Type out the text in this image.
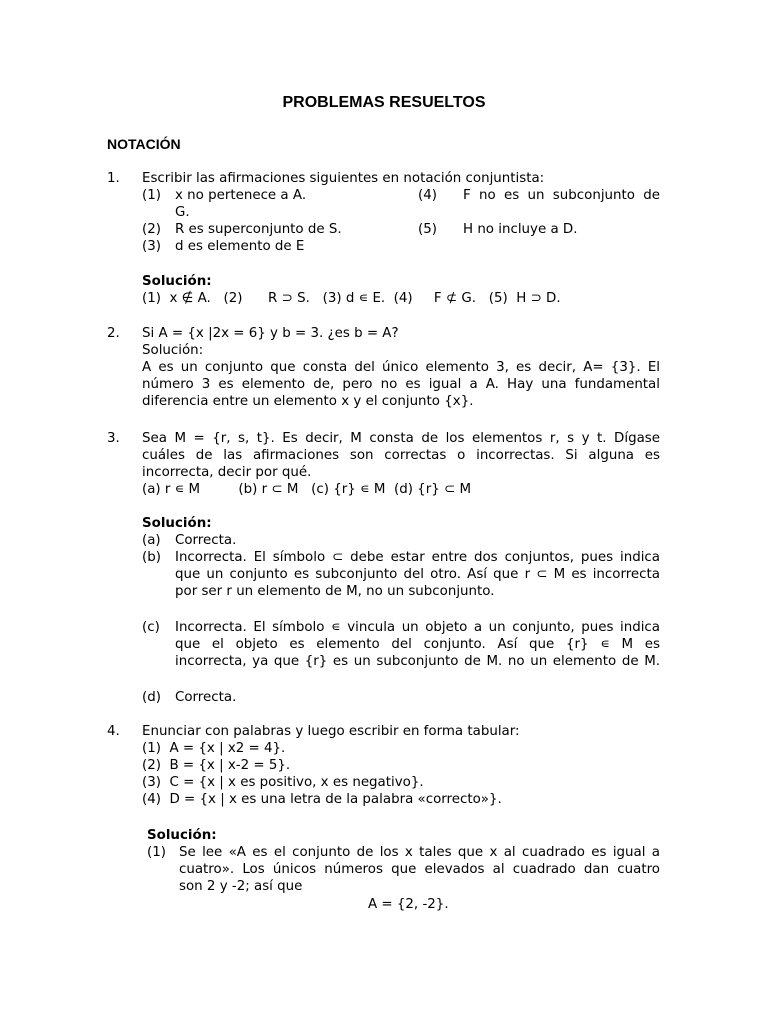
PROBLEMAS RESUELTOS
NOTACIÓN
1. Escribir las afirmaciones siguientes en notación conjuntista:
(1) x no pertenece a A.	(4) F no es un subconjunto de
G.
(2) R es superconjunto de S.	(5) H no incluye a D.
(3) d es elemento de E
Solución:
(1)  x ∉ A.   (2)      R ⊃ S.   (3) d ∊ E.  (4)     F ⊄ G.   (5)  H ⊃ D.
2. Si A = {x |2x = 6} y b = 3. ¿es b = A?
Solución:
A es un conjunto que consta del único elemento 3, es decir, A= {3}. El
número 3 es elemento de, pero no es igual a A. Hay una fundamental
diferencia entre un elemento x y el conjunto {x}.
3. Sea M = {r, s, t}. Es decir, M consta de los elementos r, s y t. Dígase
cuáles de las afirmaciones son correctas o incorrectas. Si alguna es
incorrecta, decir por qué.
(a) r ∊ M         (b) r ⊂ M   (c) {r} ∊ M  (d) {r} ⊂ M
Solución:
(a) Correcta.
(b) Incorrecta. El símbolo ⊂ debe estar entre dos conjuntos, pues indica
que un conjunto es subconjunto del otro. Así que r ⊂ M es incorrecta
por ser r un elemento de M, no un subconjunto.
(c) Incorrecta. El símbolo ∊ vincula un objeto a un conjunto, pues indica
que el objeto es elemento del conjunto. Así que {r} ∊ M es
incorrecta, ya que {r} es un subconjunto de M. no un elemento de M.
(d) Correcta.
4. Enunciar con palabras y luego escribir en forma tabular:
(1)  A = {x | x2 = 4}.
(2)  B = {x | x-2 = 5}.
(3)  C = {x | x es positivo, x es negativo}.
(4)  D = {x | x es una letra de la palabra «correcto»}.
Solución:
(1) Se lee «A es el conjunto de los x tales que x al cuadrado es igual a
cuatro». Los únicos números que elevados al cuadrado dan cuatro
son 2 y -2; así que
A = {2, -2}.
